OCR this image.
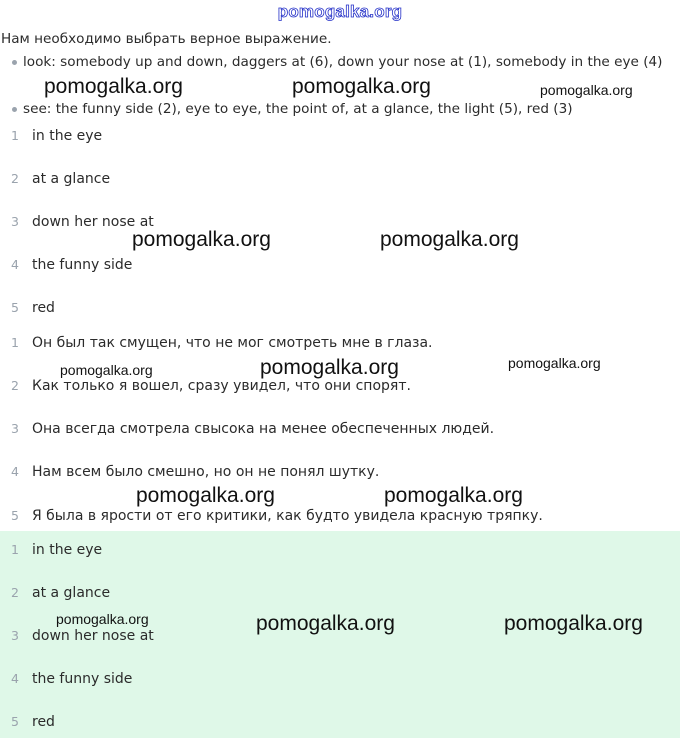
pomogalka.org
Нам необходимо выбрать верное выражение.
look: somebody up and down, daggers at (6), down your nose at (1), somebody in the eye (4)
see: the funny side (2), eye to eye, the point of, at a glance, the light (5), red (3)
1 in the eye
2 at a glance
3 down her nose at
4 the funny side
5 red
1 Он был так смущен, что не мог смотреть мне в глаза.
2 Как только я вошел, сразу увидел, что они спорят.
3 Она всегда смотрела свысока на менее обеспеченных людей.
4 Нам всем было смешно, но он не понял шутку.
5 Я была в ярости от его критики, как будто увидела красную тряпку.
1 in the eye
2 at a glance
3 down her nose at
4 the funny side
5 red
pomogalka.org	pomogalka.org	pomogalka.org
pomogalka.org	pomogalka.org
pomogalka.org	pomogalka.org	pomogalka.org
pomogalka.org	pomogalka.org
pomogalka.org	pomogalka.org	pomogalka.org
